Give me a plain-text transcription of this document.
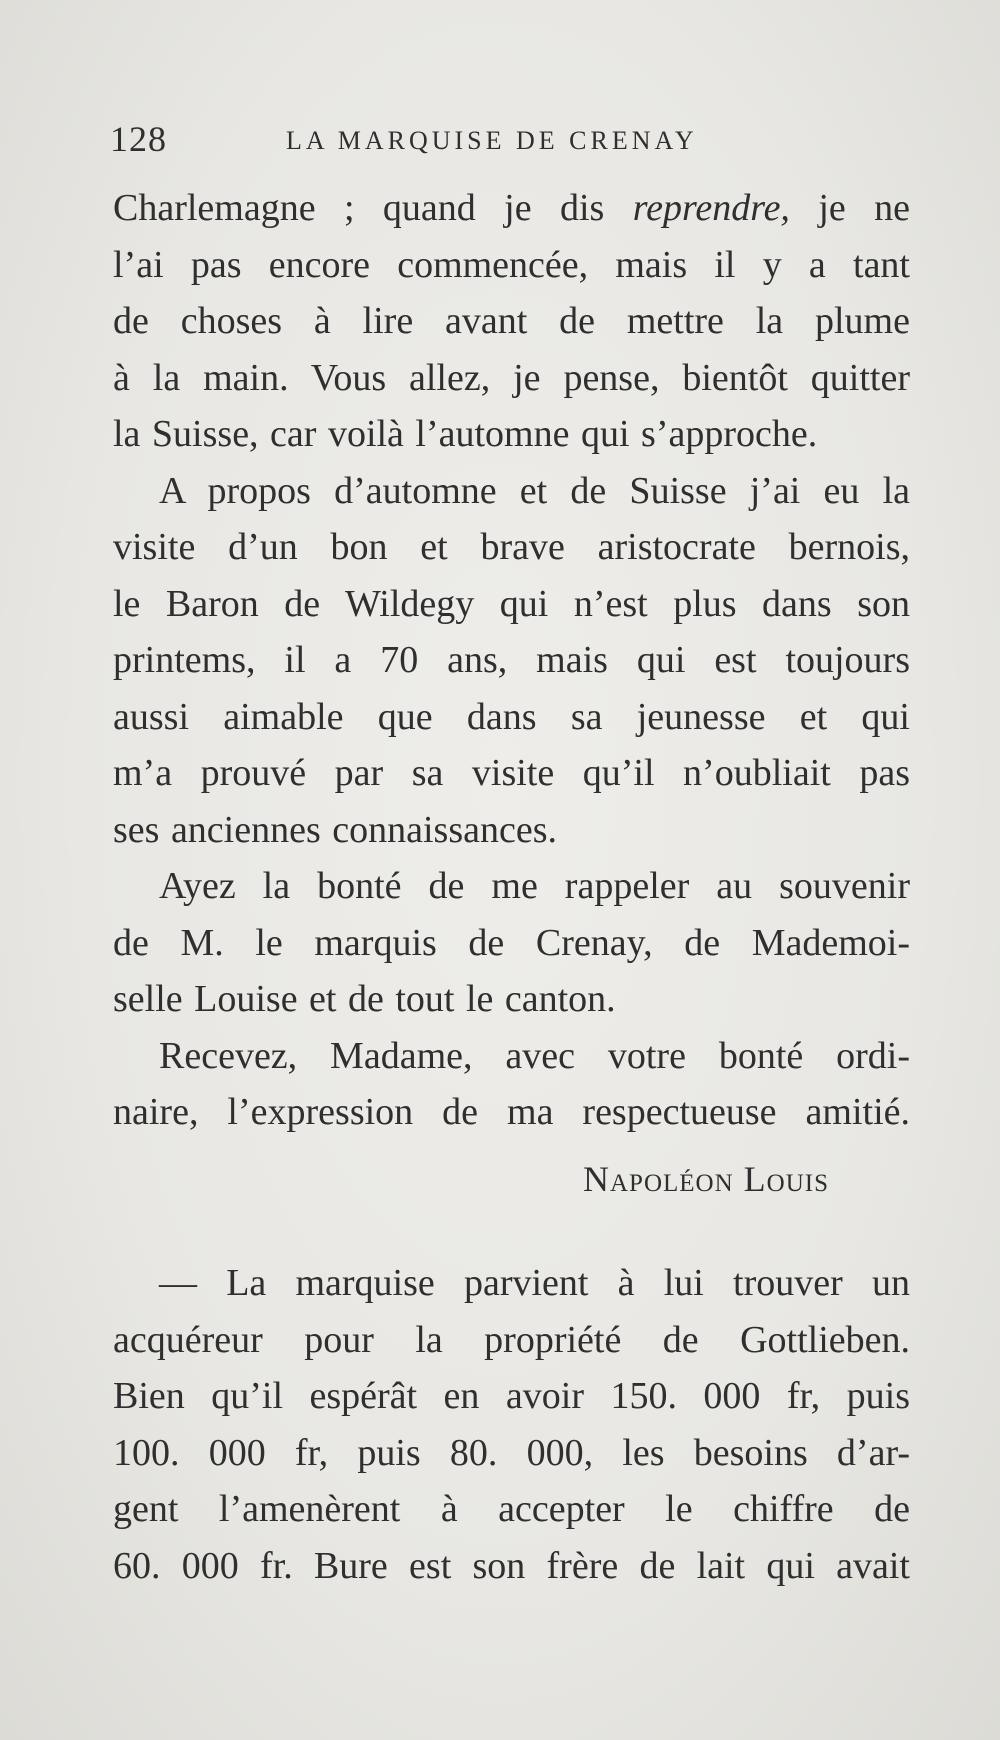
128	LA MARQUISE DE CRENAY

Charlemagne ; quand je dis reprendre, je ne
l’ai pas encore commencée, mais il y a tant
de choses à lire avant de mettre la plume
à la main. Vous allez, je pense, bientôt quitter
la Suisse, car voilà l’automne qui s’approche.

A propos d’automne et de Suisse j’ai eu la
visite d’un bon et brave aristocrate bernois,
le Baron de Wildegy qui n’est plus dans son
printems, il a 70 ans, mais qui est toujours
aussi aimable que dans sa jeunesse et qui
m’a prouvé par sa visite qu’il n’oubliait pas
ses anciennes connaissances.

Ayez la bonté de me rappeler au souvenir
de M. le marquis de Crenay, de Mademoi-
selle Louise et de tout le canton.

Recevez, Madame, avec votre bonté ordi-
naire, l’expression de ma respectueuse amitié.

Napoléon Louis
— La marquise parvient à lui trouver un
acquéreur pour la propriété de Gottlieben.
Bien qu’il espérât en avoir 150. 000 fr, puis
100. 000 fr, puis 80. 000, les besoins d’ar-
gent l’amenèrent à accepter le chiffre de
60. 000 fr. Bure est son frère de lait qui avait
